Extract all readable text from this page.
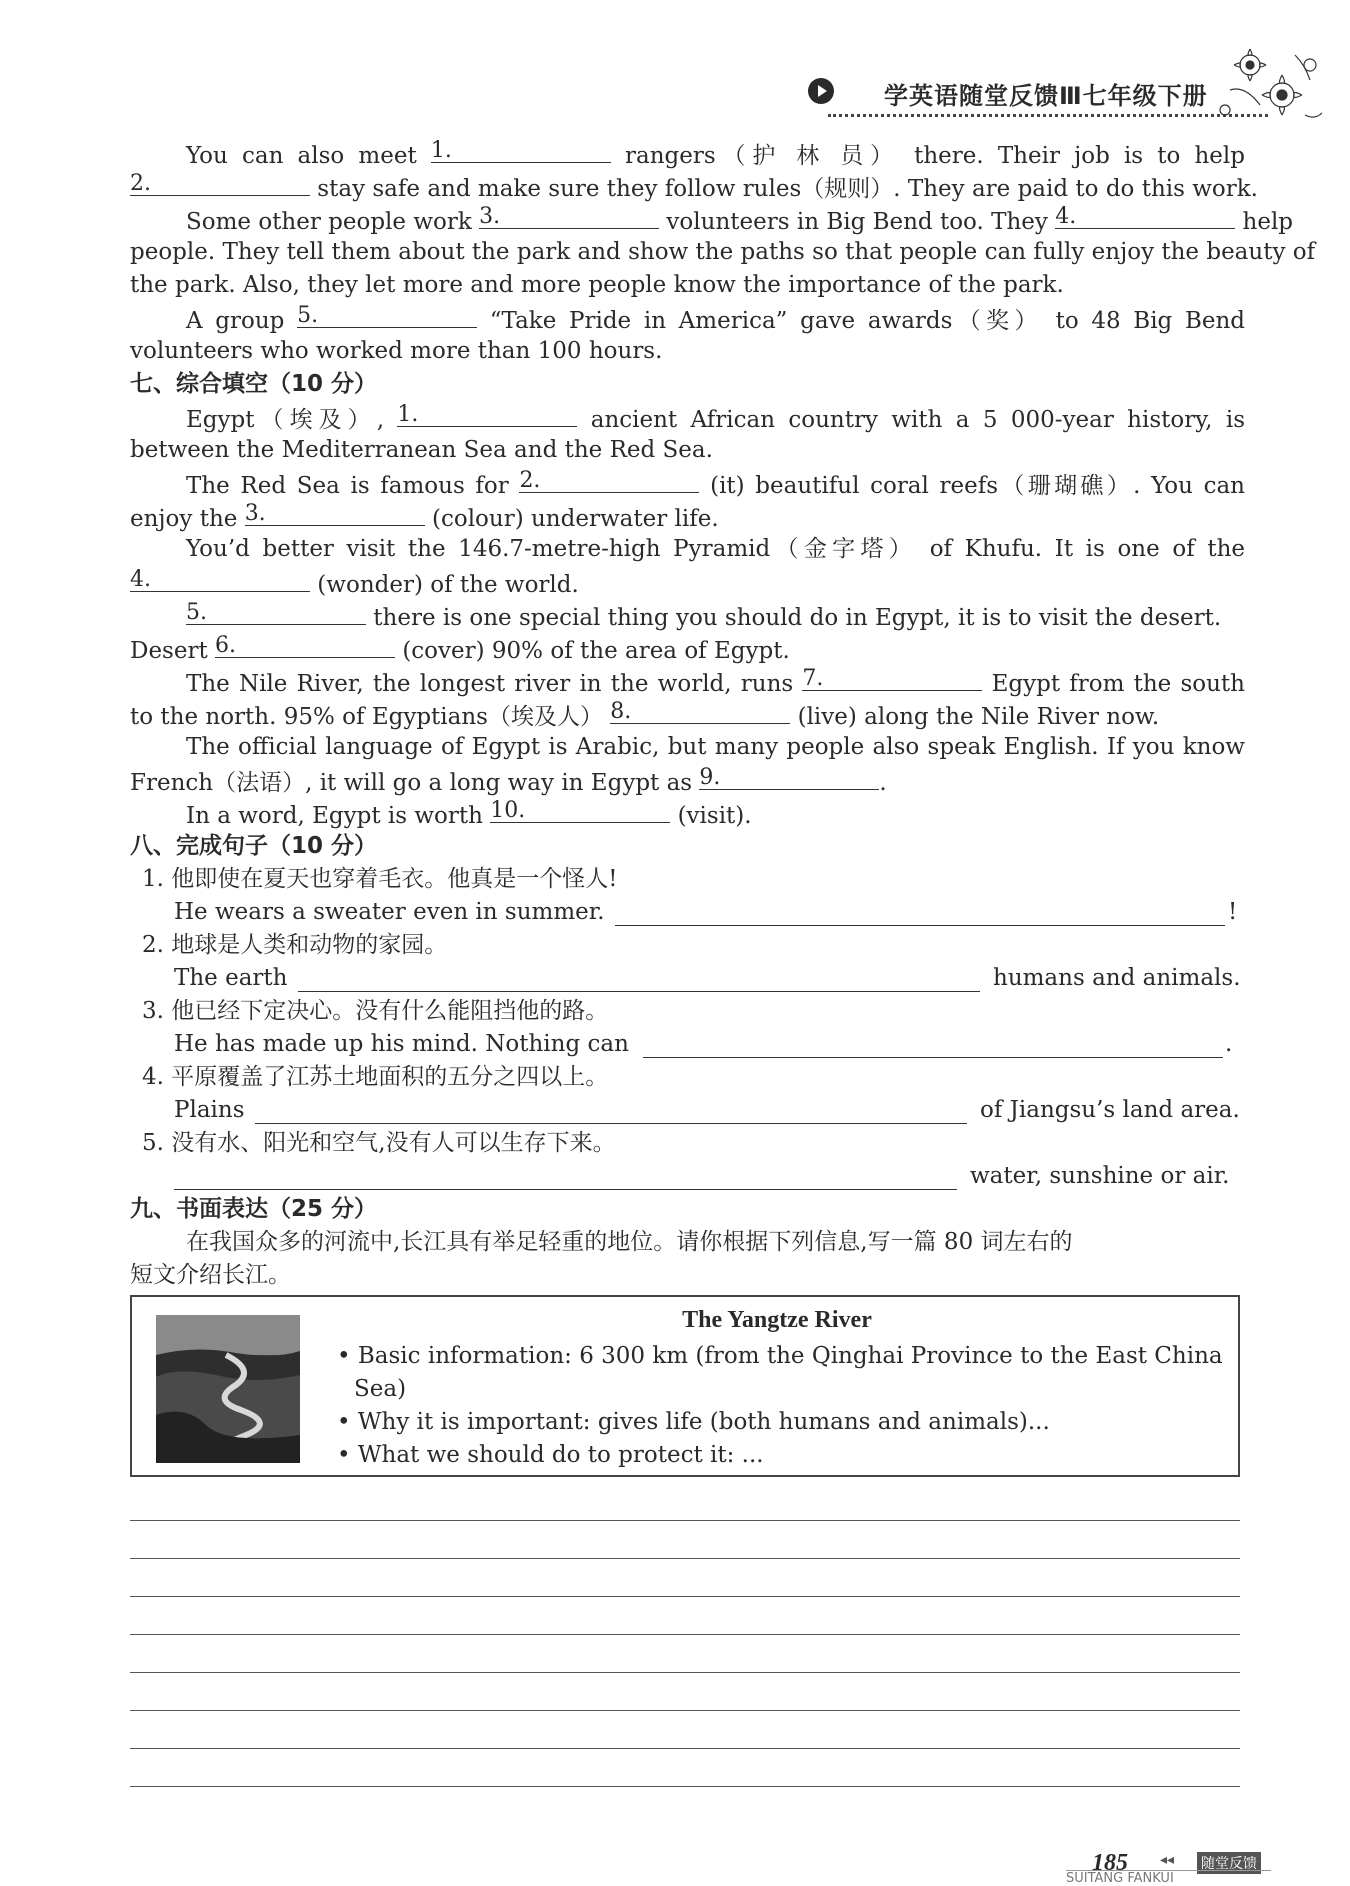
学英语随堂反馈Ⅲ七年级下册
You can also meet 1.	rangers（护 林 员） there. Their job is to help
2.	stay safe and make sure they follow rules（规则）. They are paid to do this work.
Some other people work 3.	volunteers in Big Bend too. They 4.	help
people. They tell them about the park and show the paths so that people can fully enjoy the beauty of
the park. Also, they let more and more people know the importance of the park.
A group 5.	“Take Pride in America” gave awards（奖） to 48 Big Bend
volunteers who worked more than 100 hours.
七、综合填空（10 分）
Egypt（埃及）, 1.	ancient African country with a 5 000-year history, is
between the Mediterranean Sea and the Red Sea.
The Red Sea is famous for 2.	(it) beautiful coral reefs（珊瑚礁）. You can
enjoy the 3.	(colour) underwater life.
You’d better visit the 146.7-metre-high Pyramid（金字塔） of Khufu. It is one of the
4.	(wonder) of the world.
5.	there is one special thing you should do in Egypt, it is to visit the desert.
Desert 6.	(cover) 90% of the area of Egypt.
The Nile River, the longest river in the world, runs 7.	Egypt from the south
to the north. 95% of Egyptians（埃及人） 8.	(live) along the Nile River now.
The official language of Egypt is Arabic, but many people also speak English. If you know
French（法语）, it will go a long way in Egypt as 9.	.
In a word, Egypt is worth 10.	(visit).
八、完成句子（10 分）
1. 他即使在夏天也穿着毛衣。他真是一个怪人!
He wears a sweater even in summer.	!
2. 地球是人类和动物的家园。
The earth	humans and animals.
3. 他已经下定决心。没有什么能阻挡他的路。
He has made up his mind. Nothing can	.
4. 平原覆盖了江苏土地面积的五分之四以上。
Plains	of Jiangsu’s land area.
5. 没有水、阳光和空气,没有人可以生存下来。
water, sunshine or air.
九、书面表达（25 分）
在我国众多的河流中,长江具有举足轻重的地位。请你根据下列信息,写一篇 80 词左右的
短文介绍长江。
The Yangtze River
• Basic information: 6 300 km (from the Qinghai Province to the East China
Sea)
• Why it is important: gives life (both humans and animals)...
• What we should do to protect it: ...
185 ◂◂ 随堂反馈
SUITANG FANKUI
